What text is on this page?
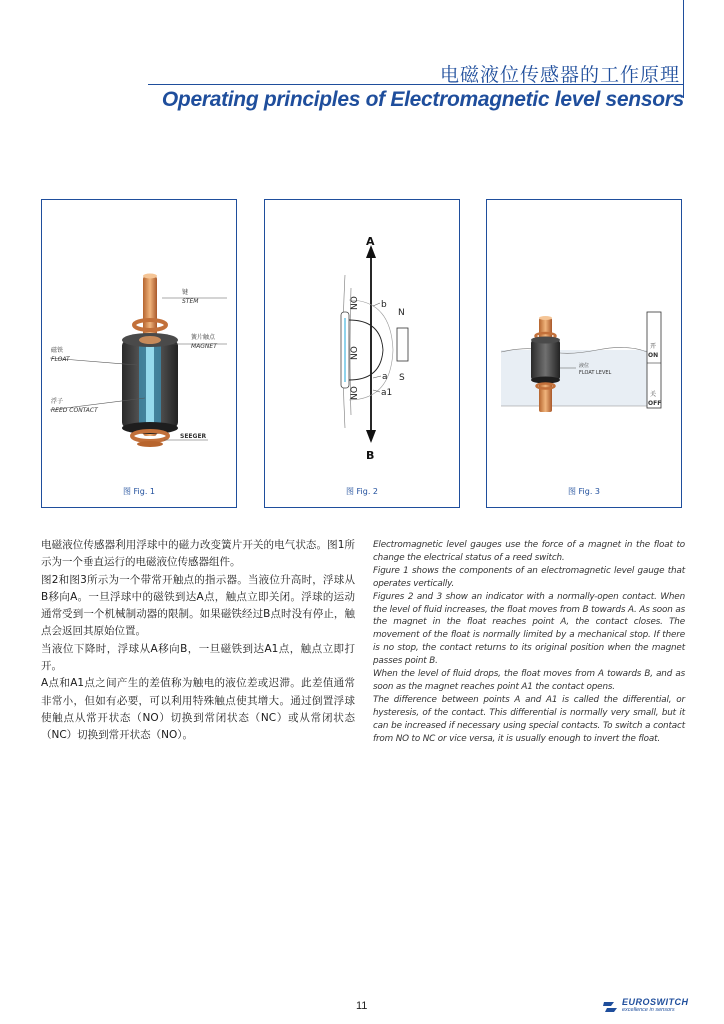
电磁液位传感器的工作原理
Operating principles of Electromagnetic level sensors
键
STEM
簧片触点
MAGNET
磁铁
FLOAT
浮子
REED CONTACT
SEEGER
图 Fig. 1
A
B
N
S
b
a
a1
NO
NO
NO
图 Fig. 2
液位
FLOAT LEVEL
开
ON
关
OFF
图 Fig. 3

电磁液位传感器利用浮球中的磁力改变簧片开关的电气状态。图1所示为一个垂直运行的电磁液位传感器组件。

图2和图3所示为一个带常开触点的指示器。当液位升高时，浮球从B移向A。一旦浮球中的磁铁到达A点，触点立即关闭。浮球的运动通常受到一个机械制动器的限制。如果磁铁经过B点时没有停止，触点会返回其原始位置。

当液位下降时，浮球从A移向B，一旦磁铁到达A1点，触点立即打开。

A点和A1点之间产生的差值称为触电的液位差或迟滞。此差值通常非常小，但如有必要，可以利用特殊触点使其增大。通过倒置浮球使触点从常开状态（NO）切换到常闭状态（NC）或从常闭状态（NC）切换到常开状态（NO）。

Electromagnetic level gauges use the force of a magnet in the float to change the electrical status of a reed switch.

Figure 1 shows the components of an electromagnetic level gauge that operates vertically.

Figures 2 and 3 show an indicator with a normally-open contact. When the level of fluid increases, the float moves from B towards A. As soon as the magnet in the float reaches point A, the contact closes. The movement of the float is normally limited by a mechanical stop. If there is no stop, the contact returns to its original position when the magnet passes point B.

When the level of fluid drops, the float moves from A towards B, and as soon as the magnet reaches point A1 the contact opens.

The difference between points A and A1 is called the differential, or hysteresis, of the contact. This differential is normally very small, but it can be increased if necessary using special contacts. To switch a contact from NO to NC or vice versa, it is usually enough to invert the float.

11	EUROSWITCH
excellence in sensors
